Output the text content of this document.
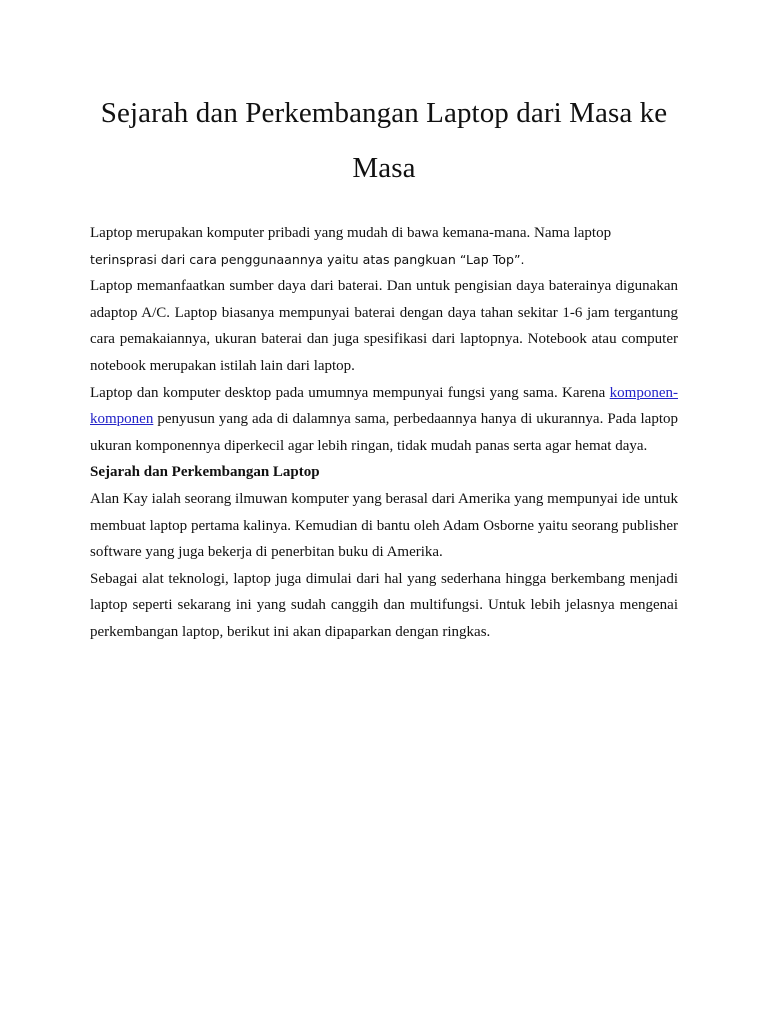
Sejarah dan Perkembangan Laptop dari Masa ke Masa

Laptop merupakan komputer pribadi yang mudah di bawa kemana-mana. Nama laptop
terinsprasi dari cara penggunaannya yaitu atas pangkuan “Lap Top”.

Laptop memanfaatkan sumber daya dari baterai. Dan untuk pengisian daya baterainya digunakan adaptop A/C. Laptop biasanya mempunyai baterai dengan daya tahan sekitar 1-6 jam tergantung cara pemakaiannya, ukuran baterai dan juga spesifikasi dari laptopnya. Notebook atau computer notebook merupakan istilah lain dari laptop.

Laptop dan komputer desktop pada umumnya mempunyai fungsi yang sama. Karena komponen-komponen penyusun yang ada di dalamnya sama, perbedaannya hanya di ukurannya. Pada laptop ukuran komponennya diperkecil agar lebih ringan, tidak mudah panas serta agar hemat daya.

Sejarah dan Perkembangan Laptop

Alan Kay ialah seorang ilmuwan komputer yang berasal dari Amerika yang mempunyai ide untuk membuat laptop pertama kalinya. Kemudian di bantu oleh Adam Osborne yaitu seorang publisher software yang juga bekerja di penerbitan buku di Amerika.

Sebagai alat teknologi, laptop juga dimulai dari hal yang sederhana hingga berkembang menjadi laptop seperti sekarang ini yang sudah canggih dan multifungsi. Untuk lebih jelasnya mengenai perkembangan laptop, berikut ini akan dipaparkan dengan ringkas.
